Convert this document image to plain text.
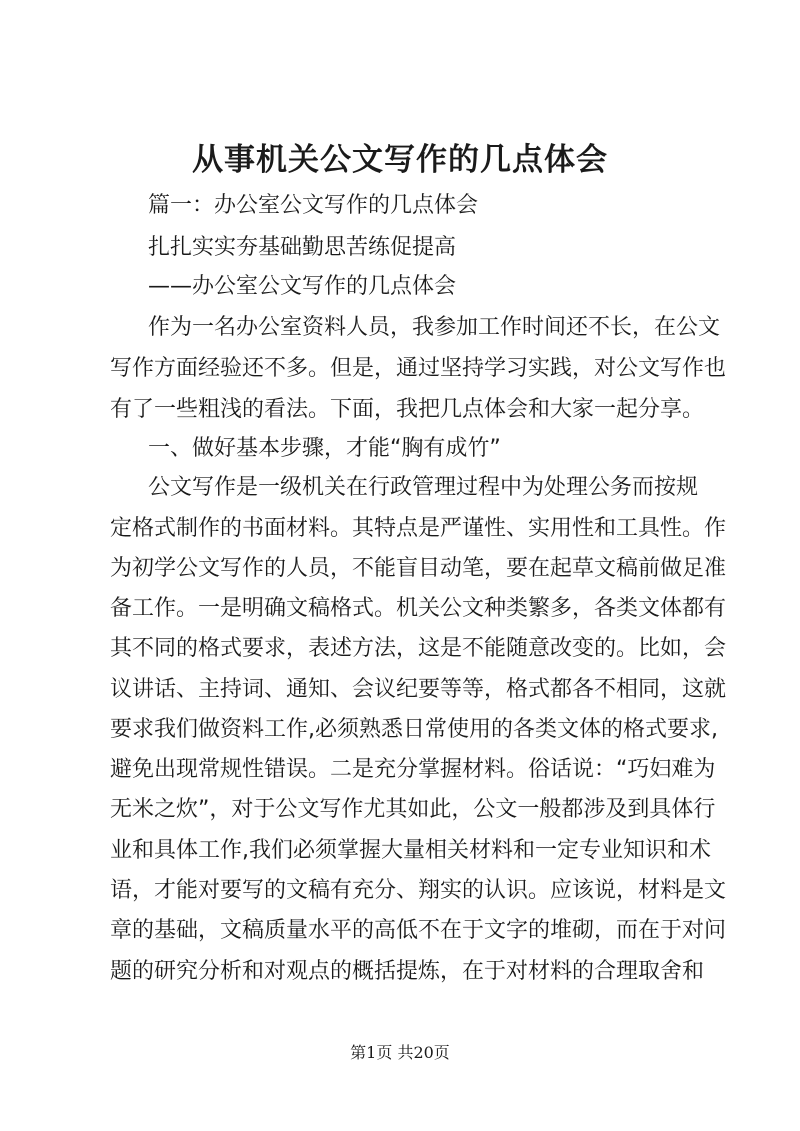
从事机关公文写作的几点体会
篇一：办公室公文写作的几点体会
扎扎实实夯基础勤思苦练促提高
——办公室公文写作的几点体会
作为一名办公室资料人员，我参加工作时间还不长，在公文
写作方面经验还不多。但是，通过坚持学习实践，对公文写作也
有了一些粗浅的看法。下面，我把几点体会和大家一起分享。
一、做好基本步骤，才能“胸有成竹”
公文写作是一级机关在行政管理过程中为处理公务而按规
定格式制作的书面材料。其特点是严谨性、实用性和工具性。作
为初学公文写作的人员，不能盲目动笔，要在起草文稿前做足准
备工作。一是明确文稿格式。机关公文种类繁多，各类文体都有
其不同的格式要求，表述方法，这是不能随意改变的。比如，会
议讲话、主持词、通知、会议纪要等等，格式都各不相同，这就
要求我们做资料工作,必须熟悉日常使用的各类文体的格式要求,
避免出现常规性错误。二是充分掌握材料。俗话说：“巧妇难为
无米之炊”，对于公文写作尤其如此，公文一般都涉及到具体行
业和具体工作,我们必须掌握大量相关材料和一定专业知识和术
语，才能对要写的文稿有充分、翔实的认识。应该说，材料是文
章的基础，文稿质量水平的高低不在于文字的堆砌，而在于对问
题的研究分析和对观点的概括提炼，在于对材料的合理取舍和
第1页 共20页
